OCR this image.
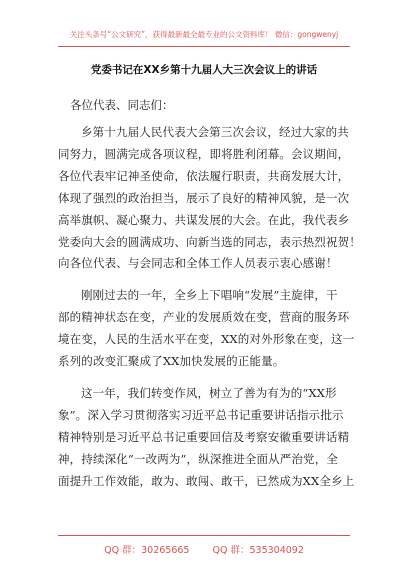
关注头条号“公文研究”，获得最新最全最专业的公文资料库！ 微信：gongwenyj
党委书记在XX乡第十九届人大三次会议上的讲话
各位代表、同志们：
乡第十九届人民代表大会第三次会议，经过大家的共
同努力，圆满完成各项议程，即将胜利闭幕。会议期间，
各位代表牢记神圣使命，依法履行职责，共商发展大计，
体现了强烈的政治担当，展示了良好的精神风貌，是一次
高举旗帜、凝心聚力、共谋发展的大会。在此，我代表乡
党委向大会的圆满成功、向新当选的同志，表示热烈祝贺！
向各位代表、与会同志和全体工作人员表示衷心感谢！
刚刚过去的一年，全乡上下唱响“发展”主旋律，干
部的精神状态在变，产业的发展质效在变，营商的服务环
境在变，人民的生活水平在变，XX的对外形象在变，这一
系列的改变汇聚成了XX加快发展的正能量。
这一年，我们转变作风，树立了善为有为的“XX形
象”。深入学习贯彻落实习近平总书记重要讲话指示批示
精神特别是习近平总书记重要回信及考察安徽重要讲话精
神，持续深化“一改两为”，纵深推进全面从严治党，全
面提升工作效能，敢为、敢闯、敢干，已然成为XX全乡上
QQ 群：30265665 QQ 群：535304092
